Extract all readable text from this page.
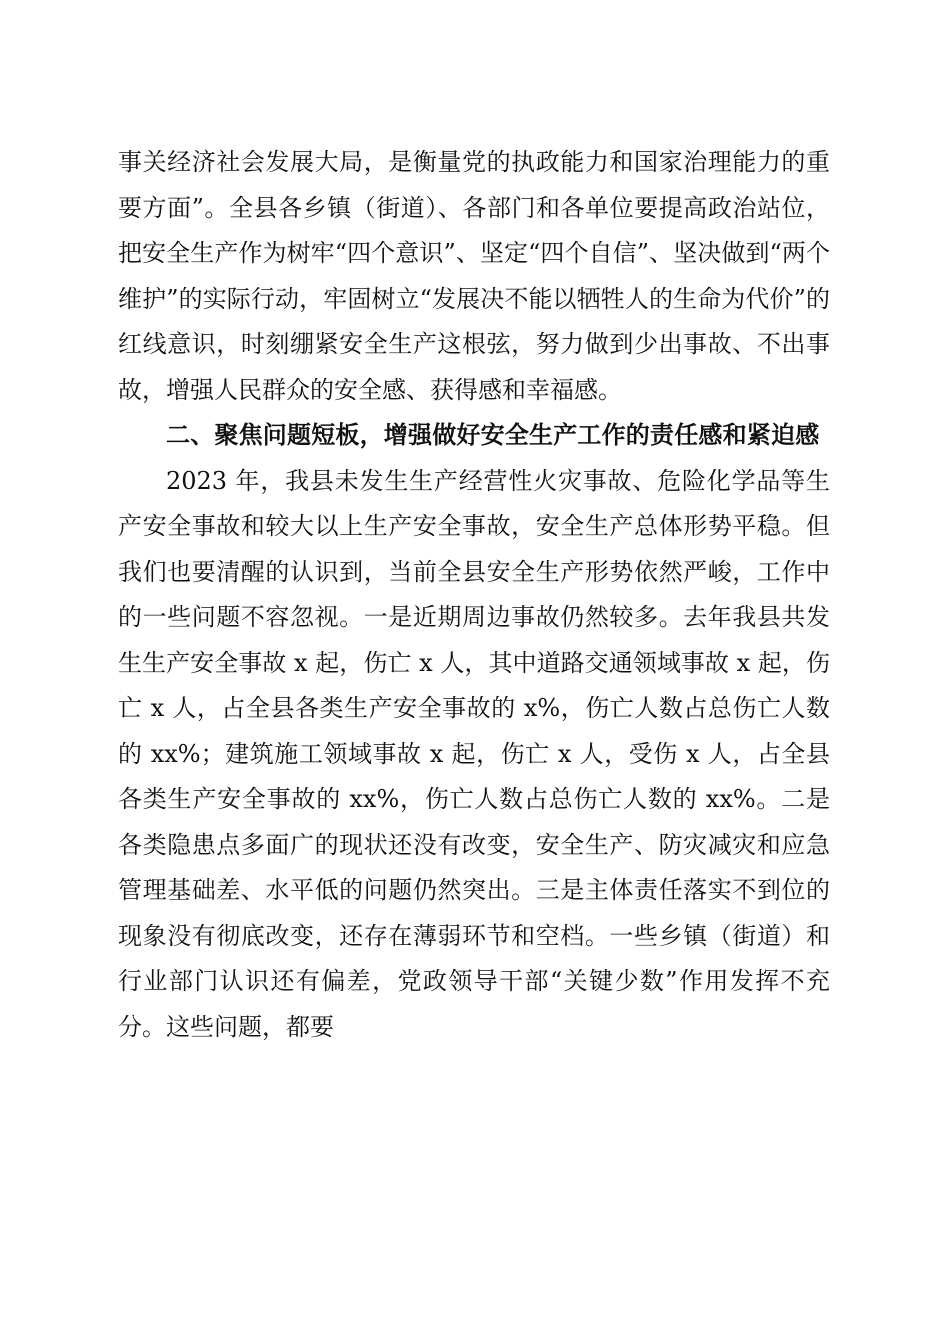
事关经济社会发展大局，是衡量党的执政能力和国家治理能力的重要方面”。全县各乡镇（街道）、各部门和各单位要提高政治站位，把安全生产作为树牢“四个意识”、坚定“四个自信”、坚决做到“两个维护”的实际行动，牢固树立“发展决不能以牺牲人的生命为代价”的红线意识，时刻绷紧安全生产这根弦，努力做到少出事故、不出事故，增强人民群众的安全感、获得感和幸福感。

二、聚焦问题短板，增强做好安全生产工作的责任感和紧迫感

2023 年，我县未发生生产经营性火灾事故、危险化学品等生产安全事故和较大以上生产安全事故，安全生产总体形势平稳。但我们也要清醒的认识到，当前全县安全生产形势依然严峻，工作中的一些问题不容忽视。一是近期周边事故仍然较多。去年我县共发生生产安全事故 x 起，伤亡 x 人，其中道路交通领域事故 x 起，伤亡 x 人，占全县各类生产安全事故的 x%，伤亡人数占总伤亡人数的 xx%；建筑施工领域事故 x 起，伤亡 x 人，受伤 x 人，占全县各类生产安全事故的 xx%，伤亡人数占总伤亡人数的 xx%。二是各类隐患点多面广的现状还没有改变，安全生产、防灾减灾和应急管理基础差、水平低的问题仍然突出。三是主体责任落实不到位的现象没有彻底改变，还存在薄弱环节和空档。一些乡镇（街道）和行业部门认识还有偏差，党政领导干部“关键少数”作用发挥不充分。这些问题，都要
